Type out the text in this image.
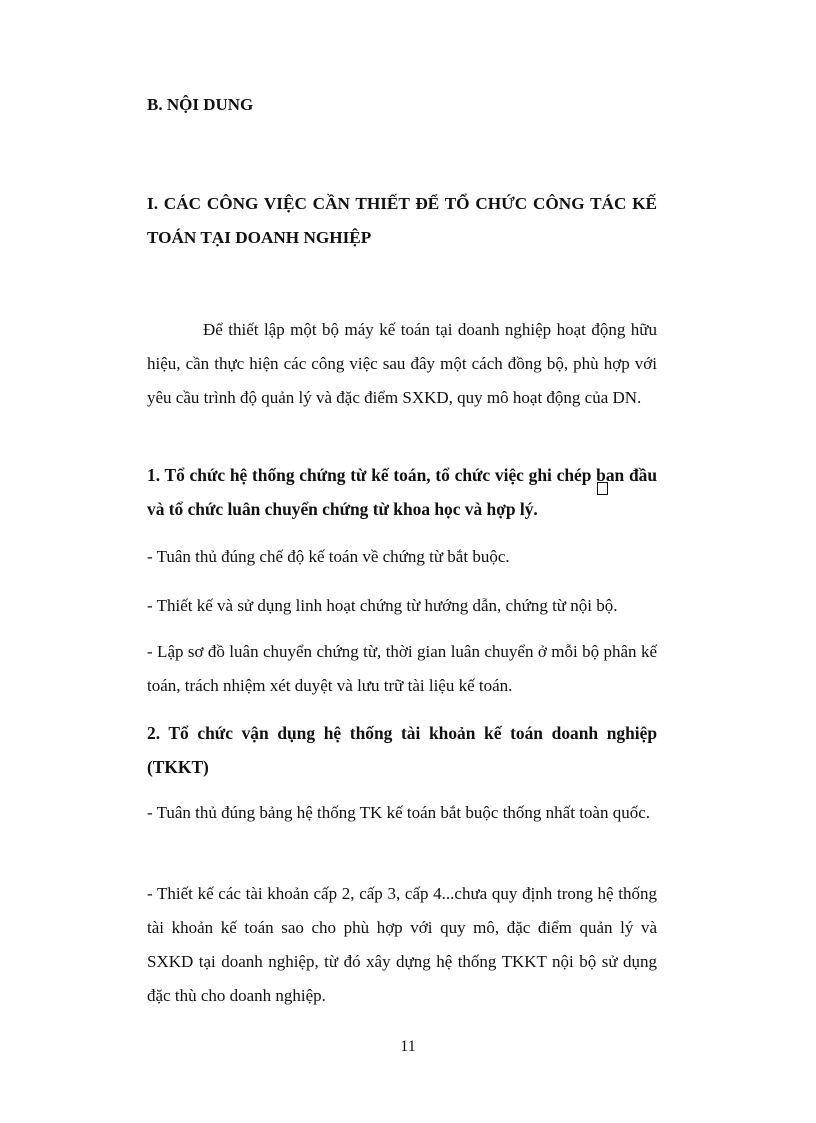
B. NỘI DUNG
I. CÁC CÔNG VIỆC CẦN THIẾT ĐỂ TỔ CHỨC CÔNG TÁC KẾ TOÁN TẠI DOANH NGHIỆP
Để thiết lập một bộ máy kế toán tại doanh nghiệp hoạt động hữu hiệu, cần thực hiện các công việc sau đây một cách đồng bộ, phù hợp với yêu cầu trình độ quản lý và đặc điểm SXKD, quy mô hoạt động của DN.
1. Tổ chức hệ thống chứng từ kế toán, tổ chức việc ghi chép ban đầu và tổ chức luân chuyển chứng từ khoa học và hợp lý.
- Tuân thủ đúng chế độ kế toán về chứng từ bắt buộc.
- Thiết kế và sử dụng linh hoạt chứng từ hướng dẫn, chứng từ nội bộ.
- Lập sơ đồ luân chuyển chứng từ, thời gian luân chuyển ở mỗi bộ phân kế toán, trách nhiệm xét duyệt và lưu trữ tài liệu kế toán.
2. Tổ chức vận dụng hệ thống tài khoản kế toán doanh nghiệp (TKKT)
- Tuân thủ đúng bảng hệ thống TK kế toán bắt buộc thống nhất toàn quốc.
- Thiết kế các tài khoản cấp 2, cấp 3, cấp 4...chưa quy định trong hệ thống tài khoản kế toán sao cho phù hợp với quy mô, đặc điểm quản lý và SXKD tại doanh nghiệp, từ đó xây dựng hệ thống TKKT nội bộ sử dụng đặc thù cho doanh nghiệp.
11
